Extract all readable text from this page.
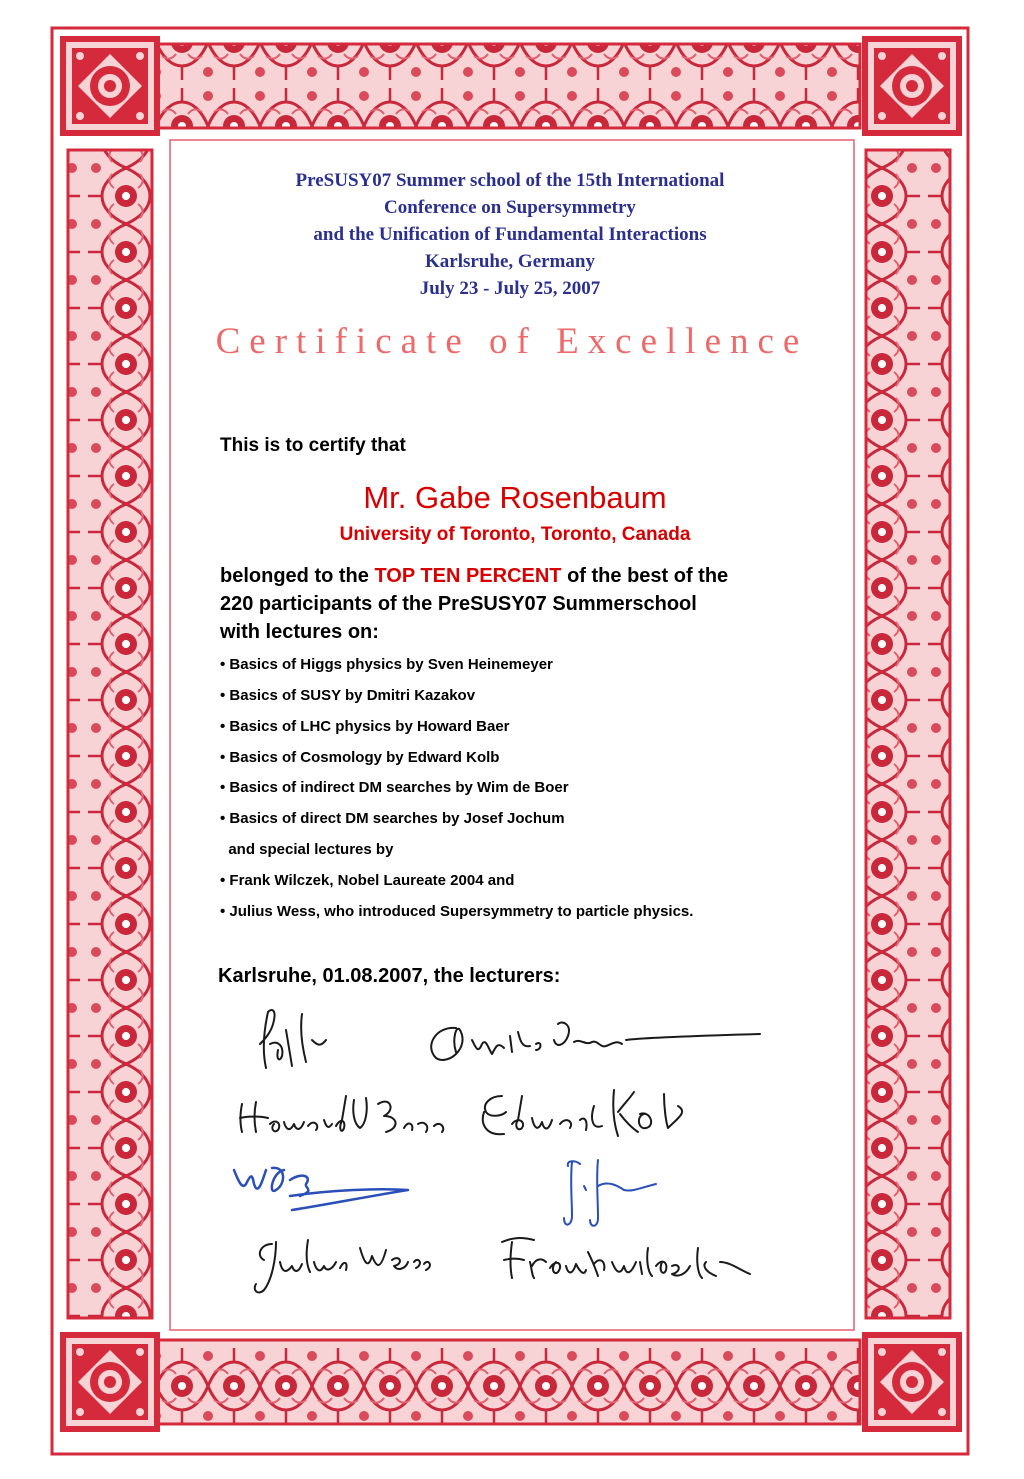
PreSUSY07 Summer school of the 15th International
Conference on Supersymmetry
and the Unification of Fundamental Interactions
Karlsruhe, Germany
July 23 - July 25, 2007
Certificate of Excellence
This is to certify that
Mr. Gabe Rosenbaum
University of Toronto, Toronto, Canada
belonged to the TOP TEN PERCENT of the best of the
220 participants of the PreSUSY07 Summerschool
with lectures on:
• Basics of Higgs physics by Sven Heinemeyer
• Basics of SUSY by Dmitri Kazakov
• Basics of LHC physics by Howard Baer
• Basics of Cosmology by Edward Kolb
• Basics of indirect DM searches by Wim de Boer
• Basics of direct DM searches by Josef Jochum
and special lectures by
• Frank Wilczek, Nobel Laureate 2004 and
• Julius Wess, who introduced Supersymmetry to particle physics.
Karlsruhe, 01.08.2007, the lecturers:
